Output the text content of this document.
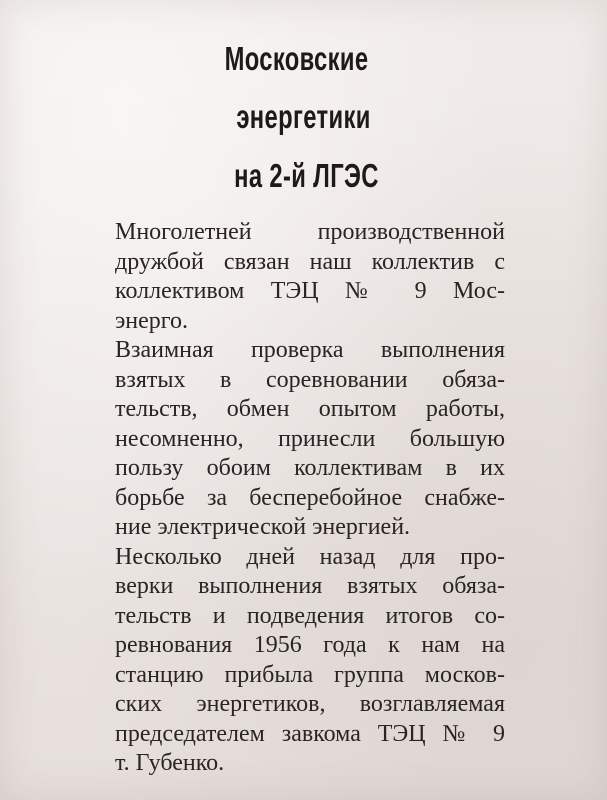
Московские
энергетики
на 2-й ЛГЭС
Многолетней производственной
дружбой связан наш коллектив с
коллективом ТЭЦ № 9 Мос-
энерго.
Взаимная проверка выполнения
взятых в соревновании обяза-
тельств, обмен опытом работы,
несомненно, принесли большую
пользу обоим коллективам в их
борьбе за бесперебойное снабже-
ние электрической энергией.
Несколько дней назад для про-
верки выполнения взятых обяза-
тельств и подведения итогов со-
ревнования 1956 года к нам на
станцию прибыла группа москов-
ских энергетиков, возглавляемая
председателем завкома ТЭЦ № 9
т. Губенко.
